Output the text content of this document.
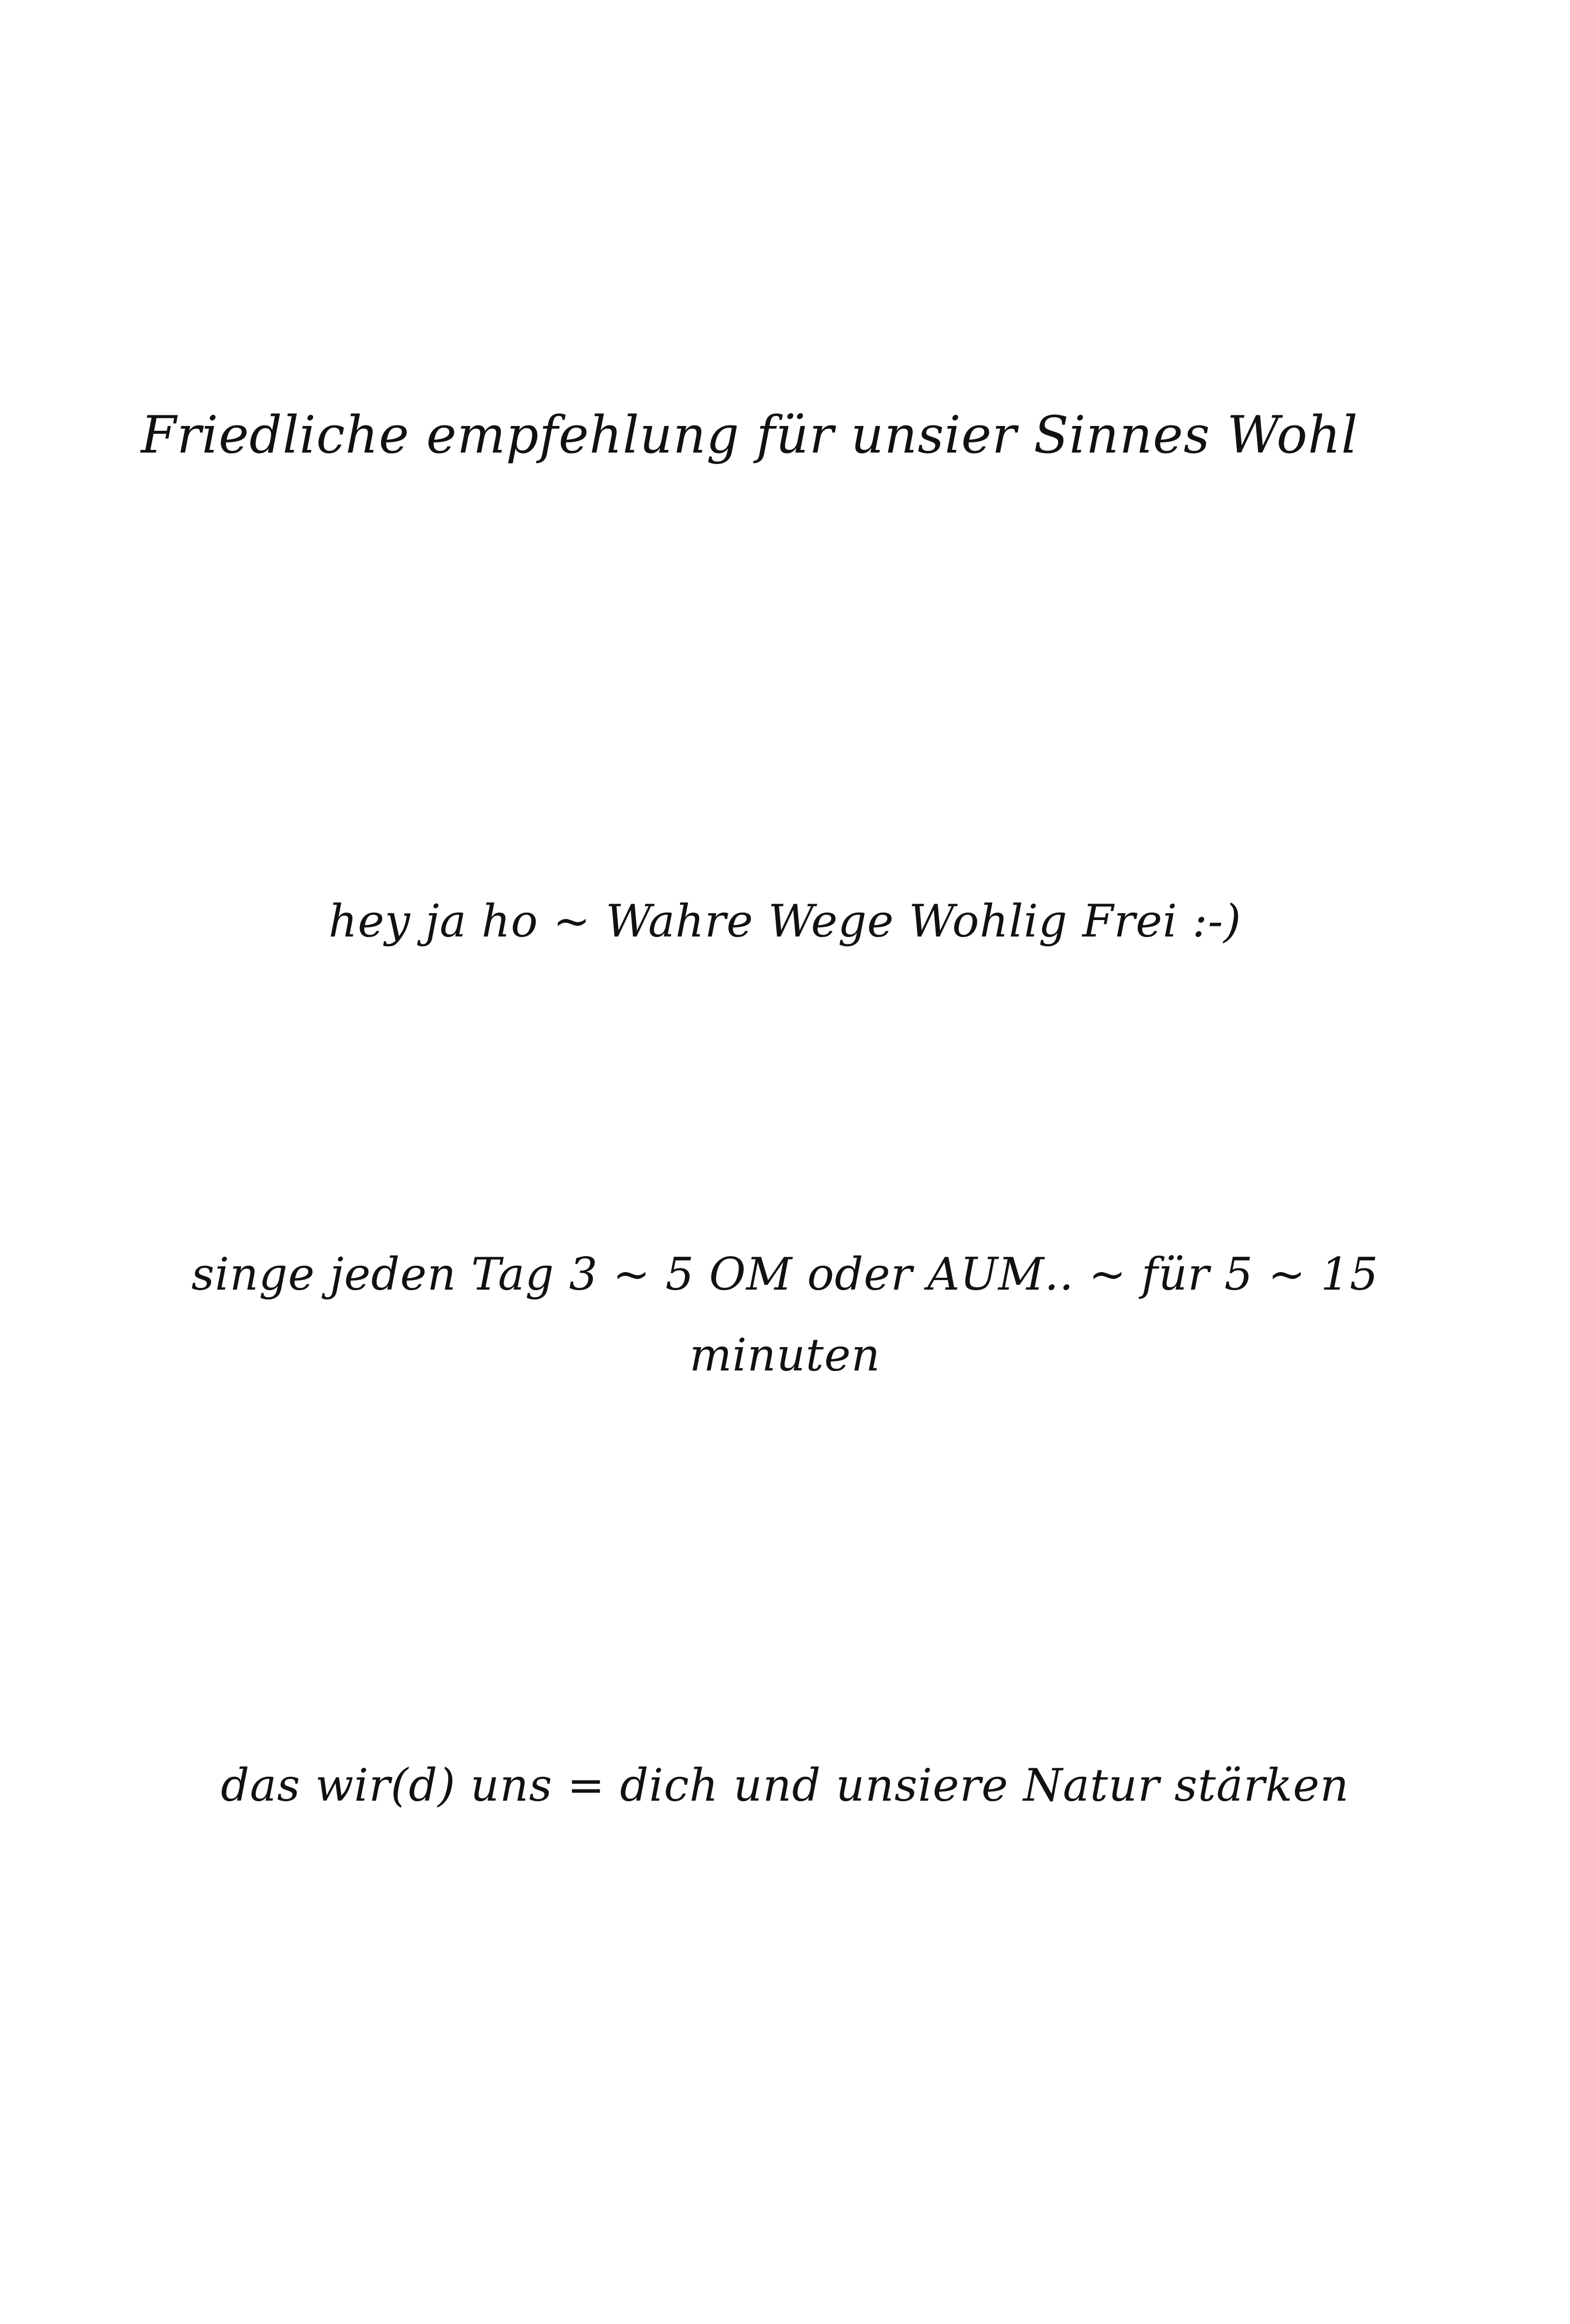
Friedliche empfehlung für unsier Sinnes Wohl
hey ja ho ~ Wahre Wege Wohlig Frei :-)
singe jeden Tag 3 ~ 5 OM oder AUM.. ~ für 5 ~ 15
minuten
das wir(d) uns = dich und unsiere Natur stärken
